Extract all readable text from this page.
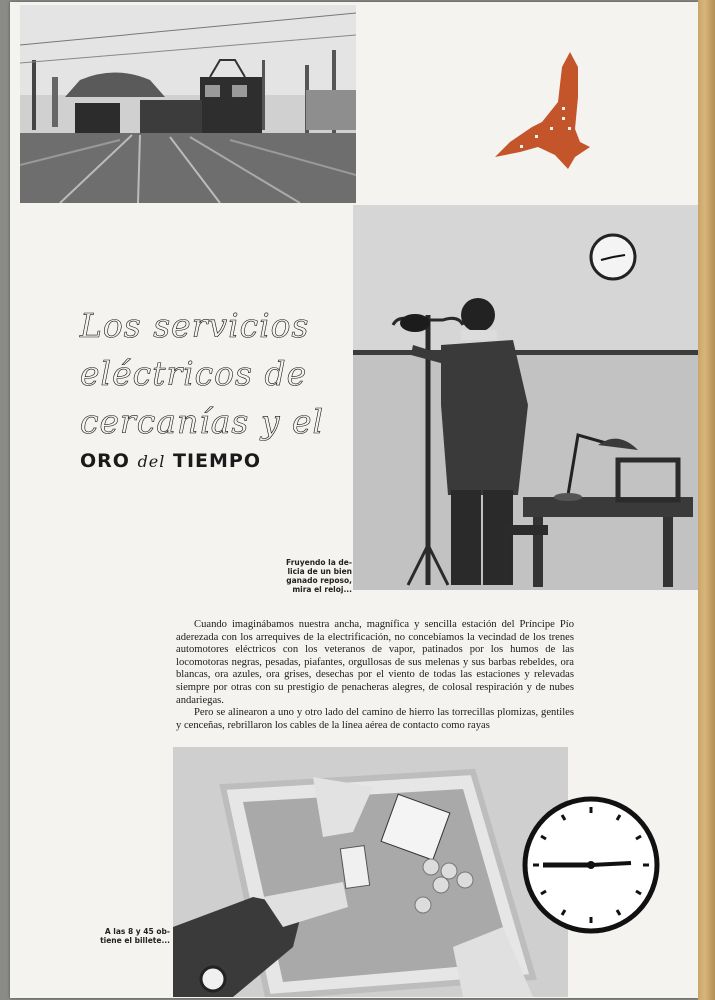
Los servicios
eléctricos de
cercanías y el
ORO del TIEMPO
Fruyendo la de-
licia de un bien
ganado reposo,
mira el reloj...

Cuando imaginábamos nuestra ancha, magnífica y sencilla estación del Príncipe Pío aderezada con los arrequives de la electrificación, no concebíamos la vecindad de los trenes automotores eléctricos con los veteranos de vapor, patinados por los humos de las locomotoras negras, pesadas, piafantes, orgullosas de sus melenas y sus barbas rebeldes, ora blancas, ora azules, ora grises, desechas por el viento de todas las estaciones y relevadas siempre por otras con su prestigio de penacheras alegres, de colosal respiración y de nubes andariegas.

Pero se alinearon a uno y otro lado del camino de hierro las torrecillas plomizas, gentiles y cenceñas, rebrillaron los cables de la línea aérea de contacto como rayas

A las 8 y 45 ob-
tiene el billete...
